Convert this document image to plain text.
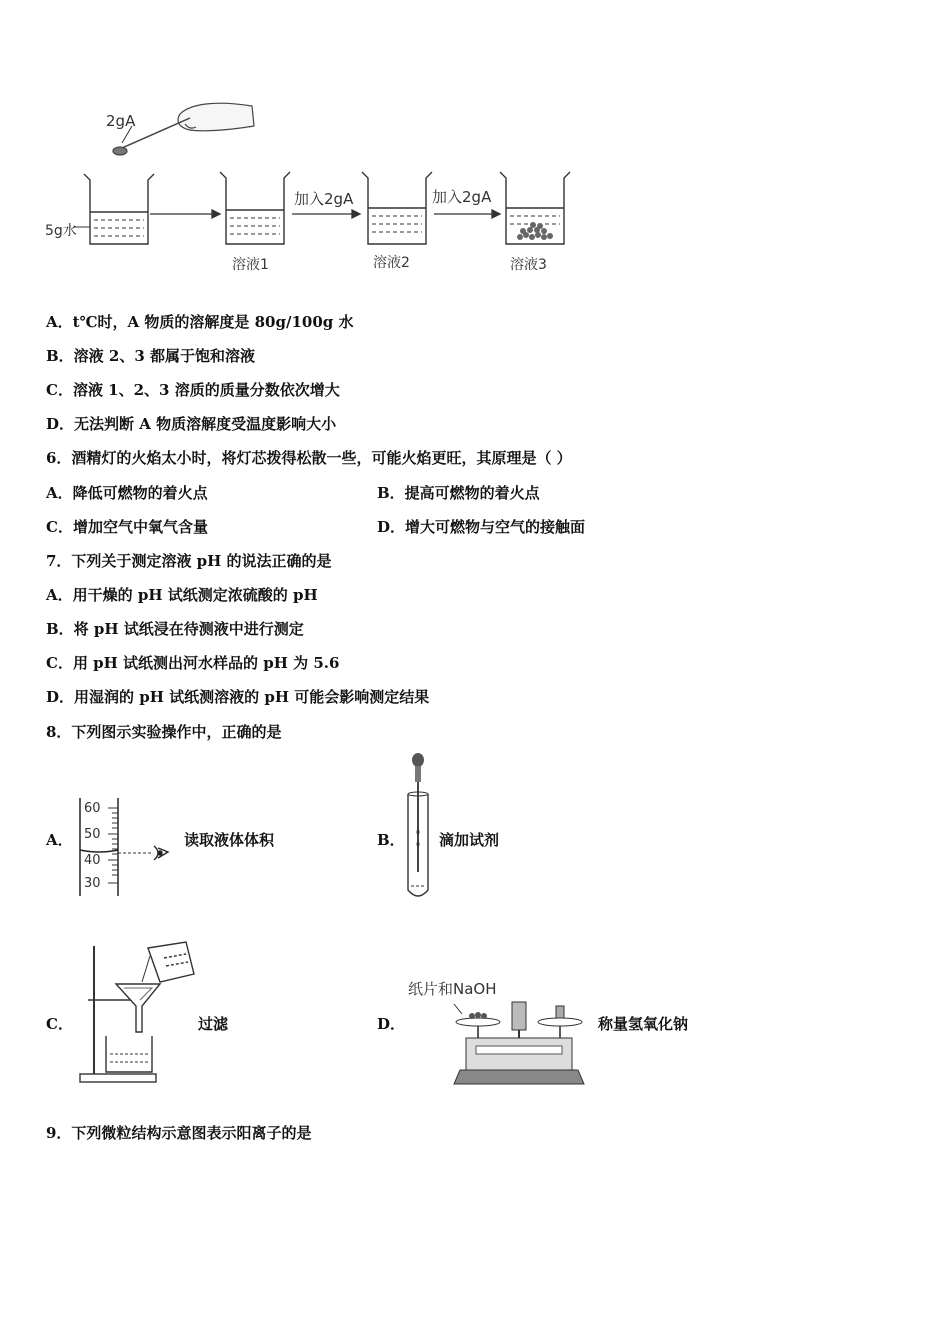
2gA
5g水
加入2gA	加入2gA
溶液1	溶液2	溶液3
A．t℃时，A 物质的溶解度是 80g/100g 水
B．溶液 2、3 都属于饱和溶液
C．溶液 1、2、3 溶质的质量分数依次增大
D．无法判断 A 物质溶解度受温度影响大小
6．酒精灯的火焰太小时，将灯芯拨得松散一些，可能火焰更旺，其原理是（ ）
A．降低可燃物的着火点	B．提高可燃物的着火点
C．增加空气中氧气含量	D．增大可燃物与空气的接触面
7．下列关于测定溶液 pH 的说法正确的是
A．用干燥的 pH 试纸测定浓硫酸的 pH
B．将 pH 试纸浸在待测液中进行测定
C．用 pH 试纸测出河水样品的 pH 为 5.6
D．用湿润的 pH 试纸测溶液的 pH 可能会影响测定结果
8．下列图示实验操作中，正确的是
A．
60
50
40
30
读取液体体积	B． 滴加试剂
C．	过滤	D．
纸片和NaOH
称量氢氧化钠
9．下列微粒结构示意图表示阳离子的是
